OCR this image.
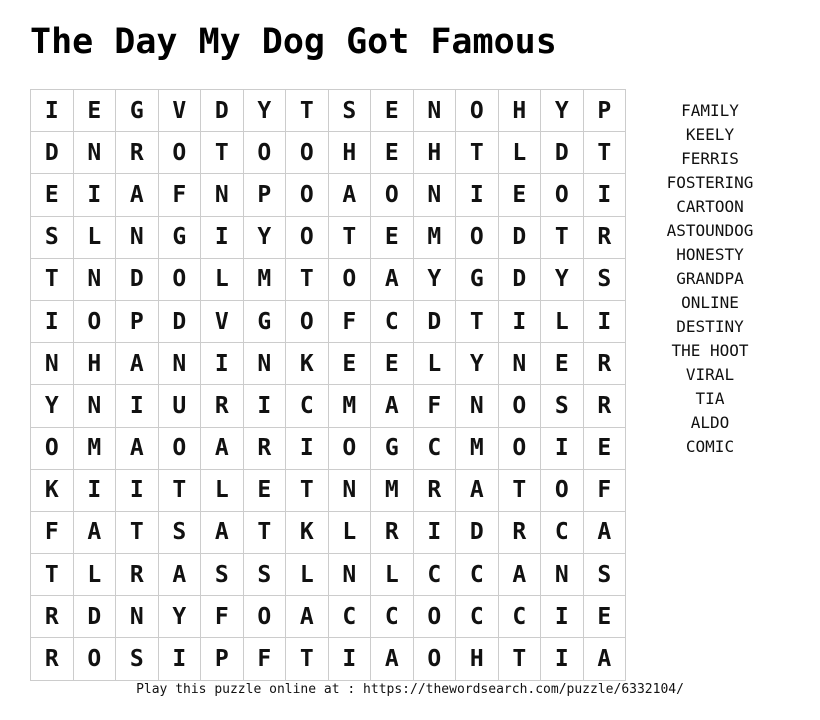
The Day My Dog Got Famous
I	E	G	V	D	Y	T	S	E	N	O	H	Y	P
D	N	R	O	T	O	O	H	E	H	T	L	D	T
E	I	A	F	N	P	O	A	O	N	I	E	O	I
S	L	N	G	I	Y	O	T	E	M	O	D	T	R
T	N	D	O	L	M	T	O	A	Y	G	D	Y	S
I	O	P	D	V	G	O	F	C	D	T	I	L	I
N	H	A	N	I	N	K	E	E	L	Y	N	E	R
Y	N	I	U	R	I	C	M	A	F	N	O	S	R
O	M	A	O	A	R	I	O	G	C	M	O	I	E
K	I	I	T	L	E	T	N	M	R	A	T	O	F
F	A	T	S	A	T	K	L	R	I	D	R	C	A
T	L	R	A	S	S	L	N	L	C	C	A	N	S
R	D	N	Y	F	O	A	C	C	O	C	C	I	E
R	O	S	I	P	F	T	I	A	O	H	T	I	A
FAMILY
KEELY
FERRIS
FOSTERING
CARTOON
ASTOUNDOG
HONESTY
GRANDPA
ONLINE
DESTINY
THE HOOT
VIRAL
TIA
ALDO
COMIC
Play this puzzle online at : https://thewordsearch.com/puzzle/6332104/
